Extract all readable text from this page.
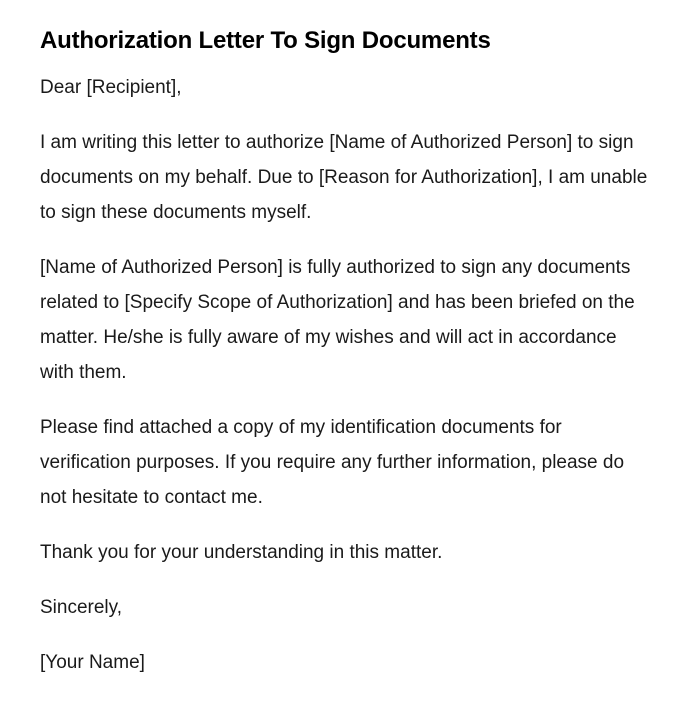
Authorization Letter To Sign Documents

Dear [Recipient],

I am writing this letter to authorize [Name of Authorized Person] to sign documents on my behalf. Due to [Reason for Authorization], I am unable to sign these documents myself.

[Name of Authorized Person] is fully authorized to sign any documents related to [Specify Scope of Authorization] and has been briefed on the matter. He/she is fully aware of my wishes and will act in accordance with them.

Please find attached a copy of my identification documents for verification purposes. If you require any further information, please do not hesitate to contact me.

Thank you for your understanding in this matter.

Sincerely,

[Your Name]
